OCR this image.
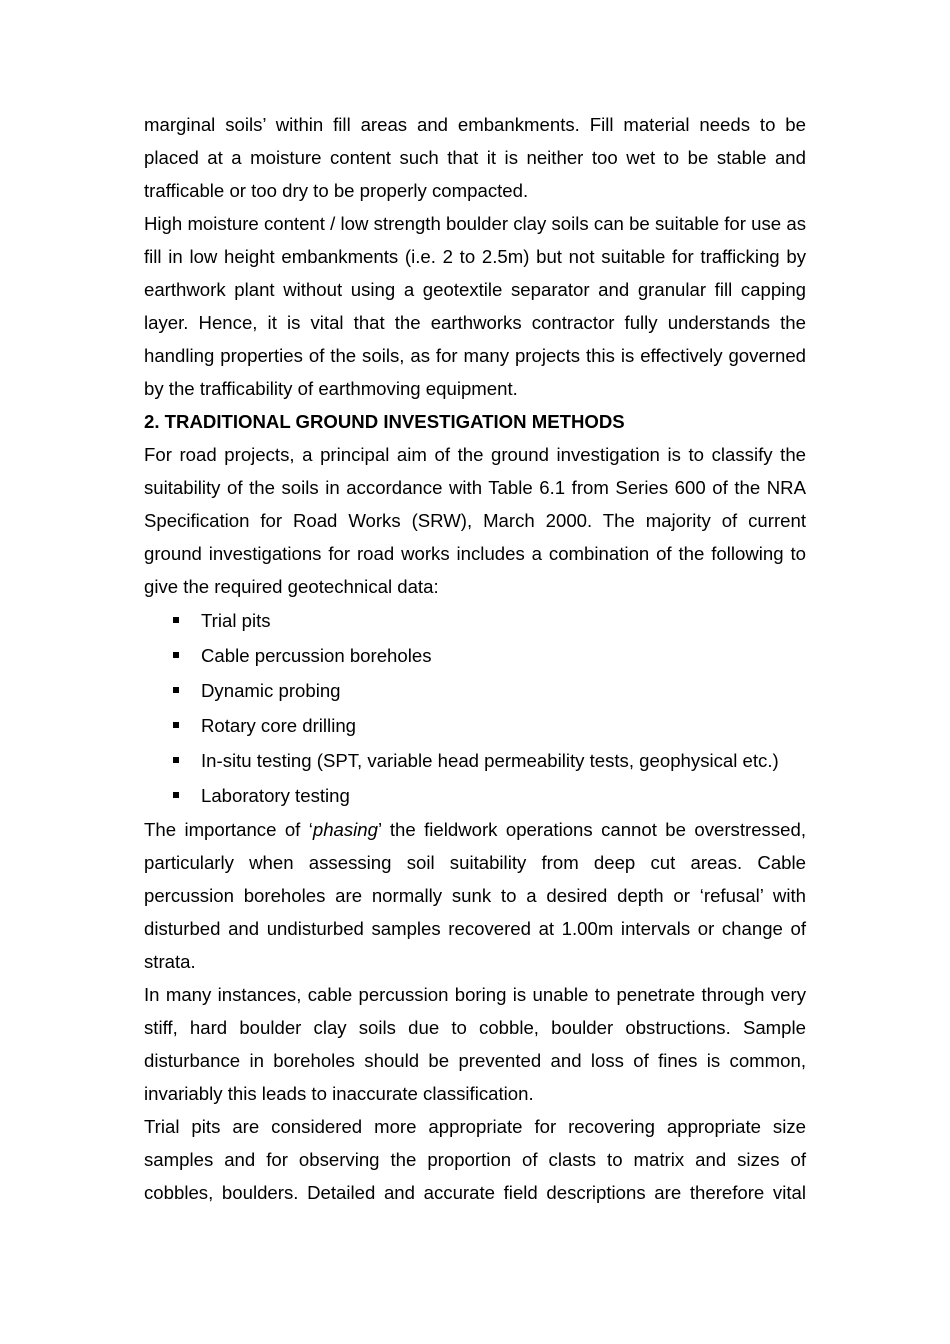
marginal soils’ within fill areas and embankments. Fill material needs to be placed at a moisture content such that it is neither too wet to be stable and trafficable or too dry to be properly compacted.

High moisture content / low strength boulder clay soils can be suitable for use as fill in low height embankments (i.e. 2 to 2.5m) but not suitable for trafficking by earthwork plant without using a geotextile separator and granular fill capping layer. Hence, it is vital that the earthworks contractor fully understands the handling properties of the soils, as for many projects this is effectively governed by the trafficability of earthmoving equipment.

2. TRADITIONAL GROUND INVESTIGATION METHODS

For road projects, a principal aim of the ground investigation is to classify the suitability of the soils in accordance with Table 6.1 from Series 600 of the NRA Specification for Road Works (SRW), March 2000. The majority of current ground investigations for road works includes a combination of the following to give the required geotechnical data:

Trial pits
Cable percussion boreholes
Dynamic probing
Rotary core drilling
In-situ testing (SPT, variable head permeability tests, geophysical etc.)
Laboratory testing

The importance of ‘phasing’ the fieldwork operations cannot be overstressed, particularly when assessing soil suitability from deep cut areas. Cable percussion boreholes are normally sunk to a desired depth or ‘refusal’ with disturbed and undisturbed samples recovered at 1.00m intervals or change of strata.

In many instances, cable percussion boring is unable to penetrate through very stiff, hard boulder clay soils due to cobble, boulder obstructions. Sample disturbance in boreholes should be prevented and loss of fines is common, invariably this leads to inaccurate classification.

Trial pits are considered more appropriate for recovering appropriate size samples and for observing the proportion of clasts to matrix and sizes of cobbles, boulders. Detailed and accurate field descriptions are therefore vital
